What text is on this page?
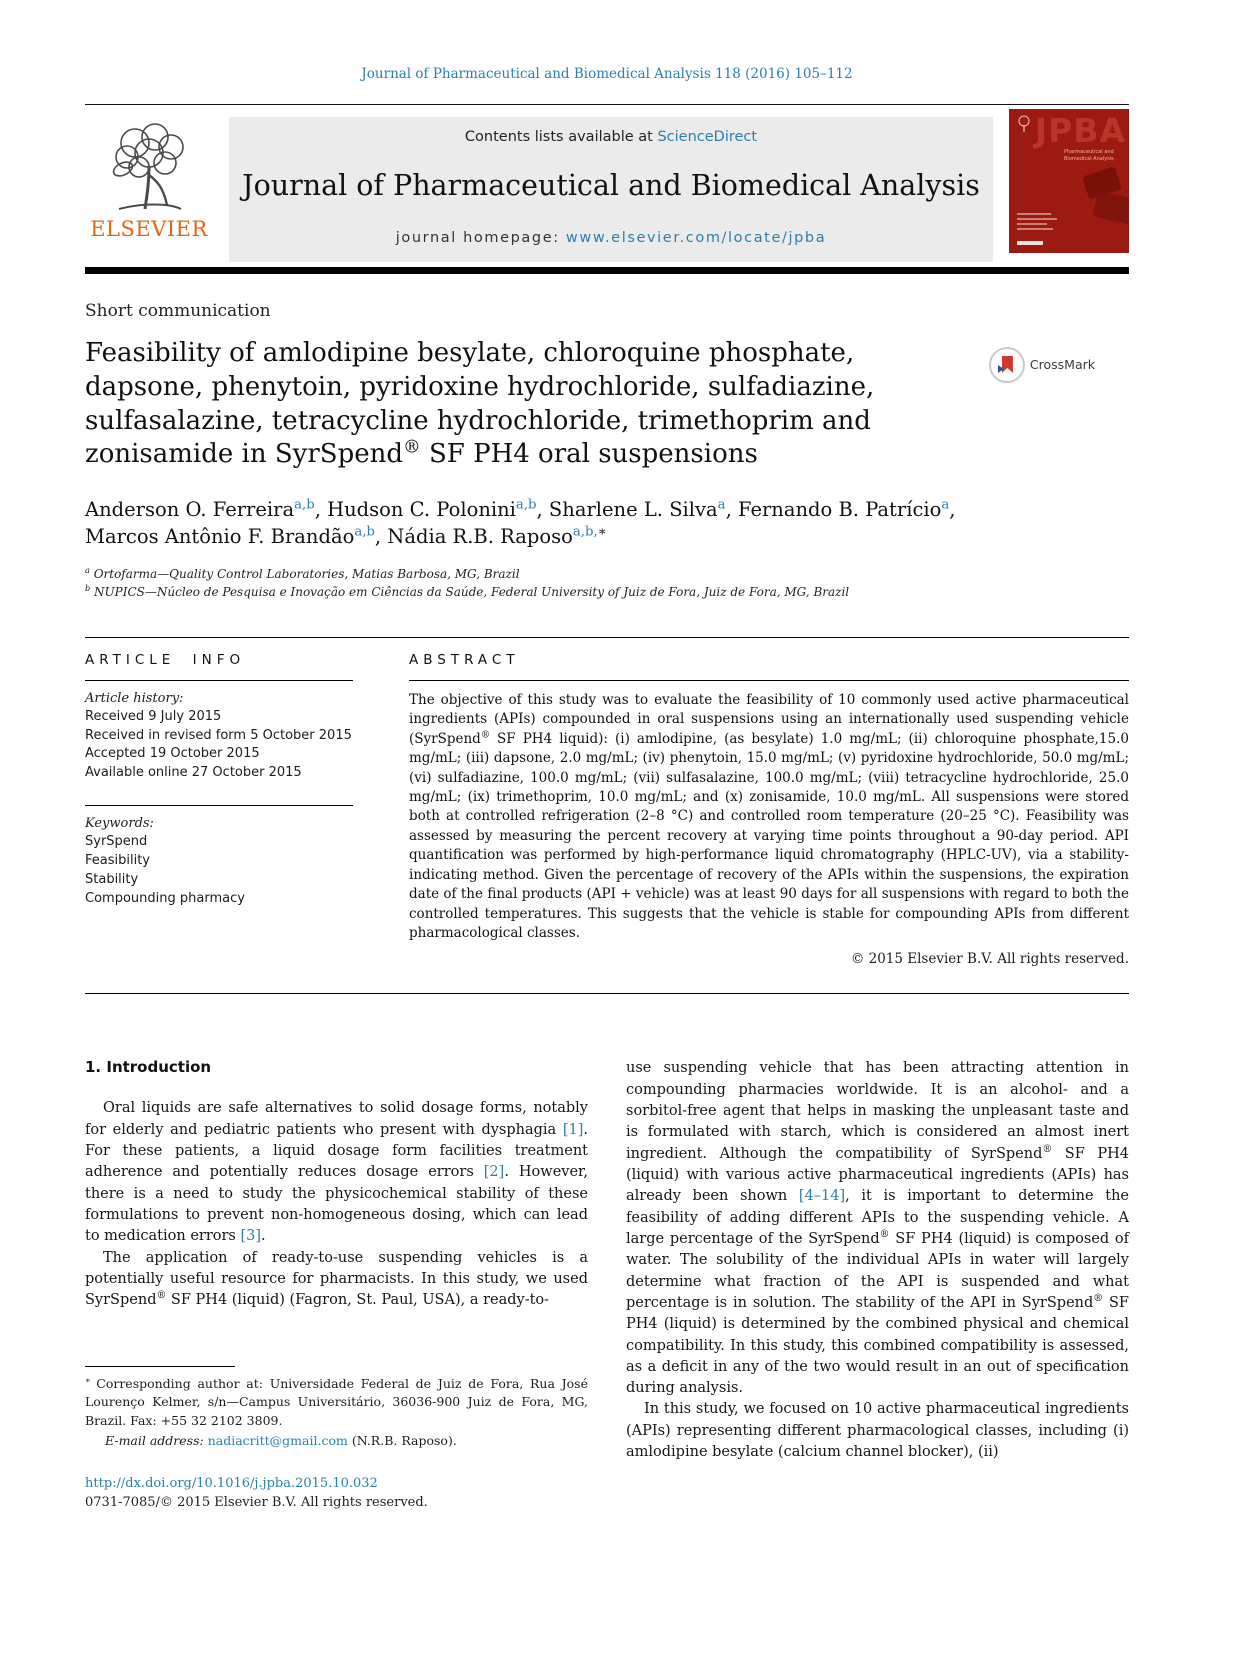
Journal of Pharmaceutical and Biomedical Analysis 118 (2016) 105–112
ELSEVIER
Contents lists available at ScienceDirect
Journal of Pharmaceutical and Biomedical Analysis
journal homepage: www.elsevier.com/locate/jpba
JPBA
Pharmaceutical and Biomedical Analysis
Short communication
Feasibility of amlodipine besylate, chloroquine phosphate, dapsone, phenytoin, pyridoxine hydrochloride, sulfadiazine, sulfasalazine, tetracycline hydrochloride, trimethoprim and zonisamide in SyrSpend® SF PH4 oral suspensions
CrossMark
Anderson O. Ferreira$^{a,b}$, Hudson C. Polonini$^{a,b}$, Sharlene L. Silva$^a$, Fernando B. Patrício$^a$,
Marcos Antônio F. Brandão$^{a,b}$, Nádia R.B. Raposo$^{a,b,∗}$
$^a$ Ortofarma—Quality Control Laboratories, Matias Barbosa, MG, Brazil
$^b$ NUPICS—Núcleo de Pesquisa e Inovação em Ciências da Saúde, Federal University of Juiz de Fora, Juiz de Fora, MG, Brazil
ARTICLE INFO
Article history:
Received 9 July 2015
Received in revised form 5 October 2015
Accepted 19 October 2015
Available online 27 October 2015
Keywords:
SyrSpend
Feasibility
Stability
Compounding pharmacy
ABSTRACT
The objective of this study was to evaluate the feasibility of 10 commonly used active pharmaceutical ingredients (APIs) compounded in oral suspensions using an internationally used suspending vehicle (SyrSpend® SF PH4 liquid): (i) amlodipine, (as besylate) 1.0 mg/mL; (ii) chloroquine phosphate,15.0 mg/mL; (iii) dapsone, 2.0 mg/mL; (iv) phenytoin, 15.0 mg/mL; (v) pyridoxine hydrochloride, 50.0 mg/mL; (vi) sulfadiazine, 100.0 mg/mL; (vii) sulfasalazine, 100.0 mg/mL; (viii) tetracycline hydrochloride, 25.0 mg/mL; (ix) trimethoprim, 10.0 mg/mL; and (x) zonisamide, 10.0 mg/mL. All suspensions were stored both at controlled refrigeration (2–8 °C) and controlled room temperature (20–25 °C). Feasibility was assessed by measuring the percent recovery at varying time points throughout a 90-day period. API quantification was performed by high-performance liquid chromatography (HPLC-UV), via a stability-indicating method. Given the percentage of recovery of the APIs within the suspensions, the expiration date of the final products (API + vehicle) was at least 90 days for all suspensions with regard to both the controlled temperatures. This suggests that the vehicle is stable for compounding APIs from different pharmacological classes.
© 2015 Elsevier B.V. All rights reserved.
1. Introduction

Oral liquids are safe alternatives to solid dosage forms, notably for elderly and pediatric patients who present with dysphagia [1]. For these patients, a liquid dosage form facilities treatment adherence and potentially reduces dosage errors [2]. However, there is a need to study the physicochemical stability of these formulations to prevent non-homogeneous dosing, which can lead to medication errors [3].

The application of ready-to-use suspending vehicles is a potentially useful resource for pharmacists. In this study, we used SyrSpend® SF PH4 (liquid) (Fagron, St. Paul, USA), a ready-to-

∗ Corresponding author at: Universidade Federal de Juiz de Fora, Rua José Lourenço Kelmer, s/n—Campus Universitário, 36036-900 Juiz de Fora, MG, Brazil. Fax: +55 32 2102 3809.

E-mail address: nadiacritt@gmail.com (N.R.B. Raposo).

http://dx.doi.org/10.1016/j.jpba.2015.10.032
0731-7085/© 2015 Elsevier B.V. All rights reserved.

use suspending vehicle that has been attracting attention in compounding pharmacies worldwide. It is an alcohol- and a sorbitol-free agent that helps in masking the unpleasant taste and is formulated with starch, which is considered an almost inert ingredient. Although the compatibility of SyrSpend® SF PH4 (liquid) with various active pharmaceutical ingredients (APIs) has already been shown [4–14], it is important to determine the feasibility of adding different APIs to the suspending vehicle. A large percentage of the SyrSpend® SF PH4 (liquid) is composed of water. The solubility of the individual APIs in water will largely determine what fraction of the API is suspended and what percentage is in solution. The stability of the API in SyrSpend® SF PH4 (liquid) is determined by the combined physical and chemical compatibility. In this study, this combined compatibility is assessed, as a deficit in any of the two would result in an out of specification during analysis.

In this study, we focused on 10 active pharmaceutical ingredients (APIs) representing different pharmacological classes, including (i) amlodipine besylate (calcium channel blocker), (ii)
